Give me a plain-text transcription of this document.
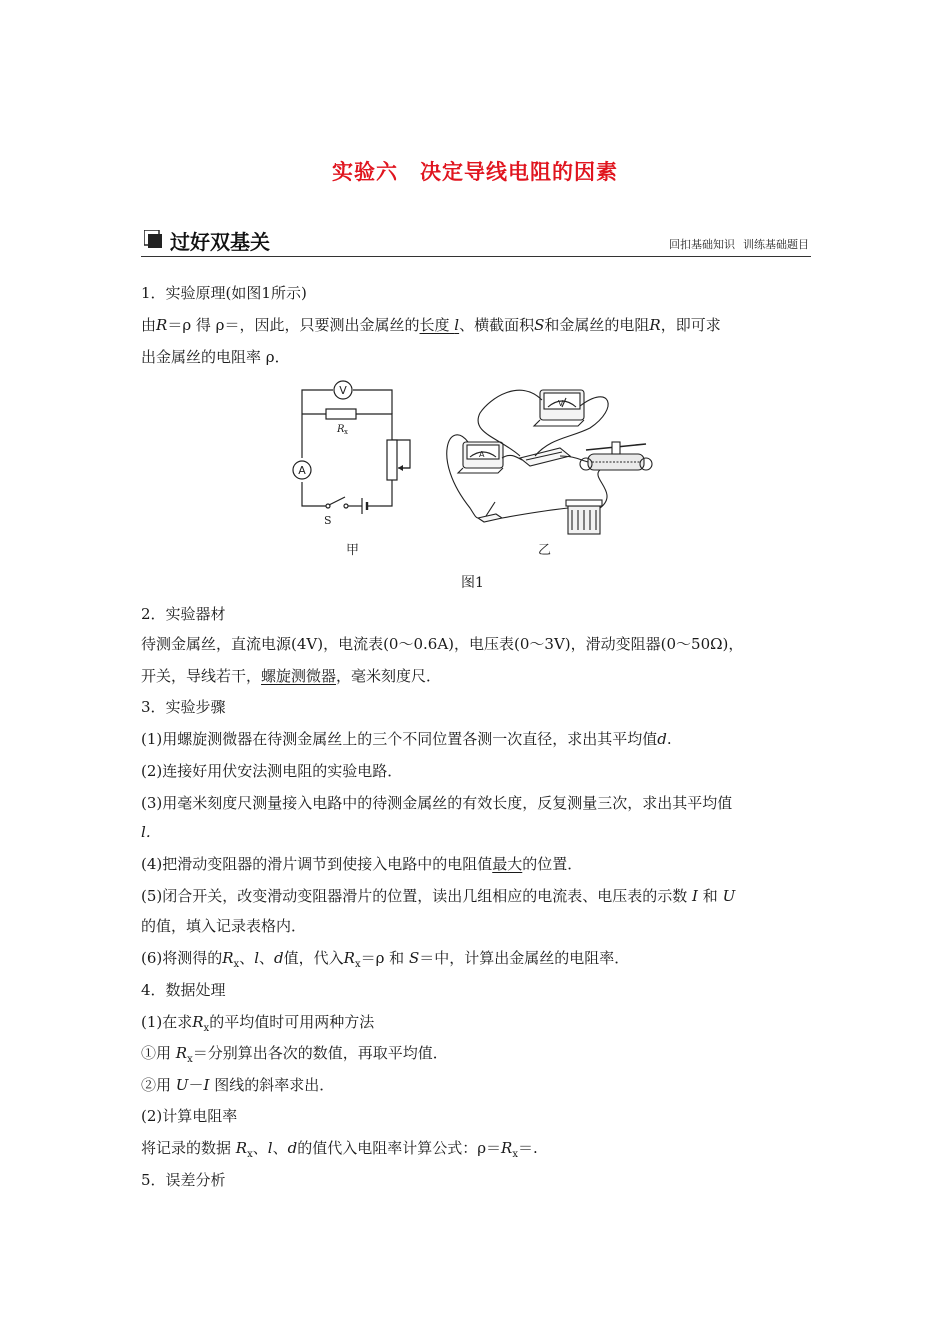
实验六 决定导线电阻的因素
过好双基关	回扣基础知识 训练基础题目
1．实验原理(如图1所示)
由R＝ρ 得 ρ＝，因此，只要测出金属丝的长度 l、横截面积S和金属丝的电阻R，即可求
出金属丝的电阻率 ρ．
V
R x
A
S
V
A
甲	乙
图1
2．实验器材
待测金属丝，直流电源(4V)，电流表(0～0.6A)，电压表(0～3V)，滑动变阻器(0～50Ω)，
开关，导线若干，螺旋测微器，毫米刻度尺．
3．实验步骤
(1)用螺旋测微器在待测金属丝上的三个不同位置各测一次直径，求出其平均值d.
(2)连接好用伏安法测电阻的实验电路．
(3)用毫米刻度尺测量接入电路中的待测金属丝的有效长度，反复测量三次，求出其平均值
l．
(4)把滑动变阻器的滑片调节到使接入电路中的电阻值最大的位置．
(5)闭合开关，改变滑动变阻器滑片的位置，读出几组相应的电流表、电压表的示数 I 和 U
的值，填入记录表格内．
(6)将测得的$R_x$、l、d值，代入$R_x=\rho$ 和 S＝中，计算出金属丝的电阻率．
4．数据处理
(1)在求$R_x$的平均值时可用两种方法
①用 $R_x=$分别算出各次的数值，再取平均值．
②用 U－I 图线的斜率求出．
(2)计算电阻率
将记录的数据 $R_x$、l、d的值代入电阻率计算公式：$\rho=R_x=$.
5．误差分析
